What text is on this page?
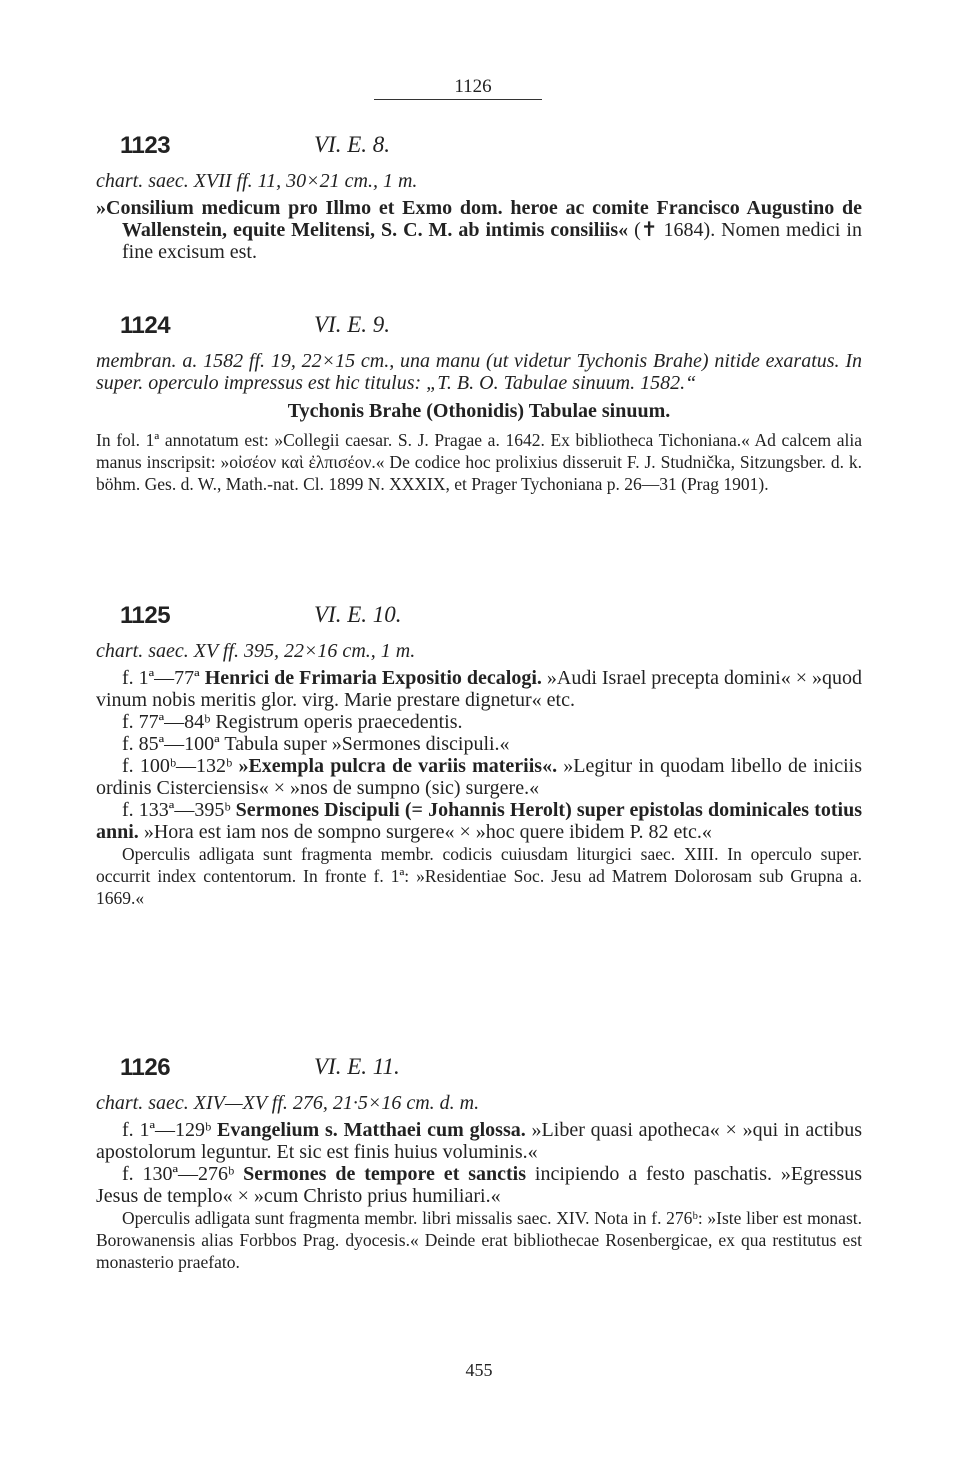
1126
1123	VI. E. 8.

chart. saec. XVII ff. 11, 30×21 cm., 1 m.

»Consilium medicum pro Illmo et Exmo dom. heroe ac comite Francisco Augustino de Wallenstein, equite Melitensi, S. C. M. ab intimis consiliis« (✝ 1684). Nomen medici in fine excisum est.

1124	VI. E. 9.

membran. a. 1582 ff. 19, 22×15 cm., una manu (ut videtur Tychonis Brahe) nitide exaratus. In super. operculo impressus est hic titulus: „T. B. O. Tabulae sinuum. 1582.“

Tychonis Brahe (Othonidis) Tabulae sinuum.

In fol. 1ª annotatum est: »Collegii caesar. S. J. Pragae a. 1642. Ex bibliotheca Tichoniana.« Ad calcem alia manus inscripsit: »οἰσέον καὶ ἐλπισέον.« De codice hoc prolixius disseruit F. J. Studnička, Sitzungsber. d. k. böhm. Ges. d. W., Math.-nat. Cl. 1899 N. XXXIX, et Prager Tychoniana p. 26—31 (Prag 1901).

1125	VI. E. 10.

chart. saec. XV ff. 395, 22×16 cm., 1 m.

f. 1ª—77ª Henrici de Frimaria Expositio decalogi. »Audi Israel precepta domini« × »quod vinum nobis meritis glor. virg. Marie prestare dignetur« etc.

f. 77ª—84ᵇ Registrum operis praecedentis.

f. 85ª—100ª Tabula super »Sermones discipuli.«

f. 100ᵇ—132ᵇ »Exempla pulcra de variis materiis«. »Legitur in quodam libello de iniciis ordinis Cisterciensis« × »nos de sumpno (sic) surgere.«

f. 133ª—395ᵇ Sermones Discipuli (= Johannis Herolt) super epistolas dominicales totius anni. »Hora est iam nos de sompno surgere« × »hoc quere ibidem P. 82 etc.«

Operculis adligata sunt fragmenta membr. codicis cuiusdam liturgici saec. XIII. In operculo super. occurrit index contentorum. In fronte f. 1ª: »Residentiae Soc. Jesu ad Matrem Dolorosam sub Grupna a. 1669.«

1126	VI. E. 11.

chart. saec. XIV—XV ff. 276, 21·5×16 cm. d. m.

f. 1ª—129ᵇ Evangelium s. Matthaei cum glossa. »Liber quasi apotheca« × »qui in actibus apostolorum leguntur. Et sic est finis huius voluminis.«

f. 130ª—276ᵇ Sermones de tempore et sanctis incipiendo a festo paschatis. »Egressus Jesus de templo« × »cum Christo prius humiliari.«

Operculis adligata sunt fragmenta membr. libri missalis saec. XIV. Nota in f. 276ᵇ: »Iste liber est monast. Borowanensis alias Forbbos Prag. dyocesis.« Deinde erat bibliothecae Rosenbergicae, ex qua restitutus est monasterio praefato.

455
